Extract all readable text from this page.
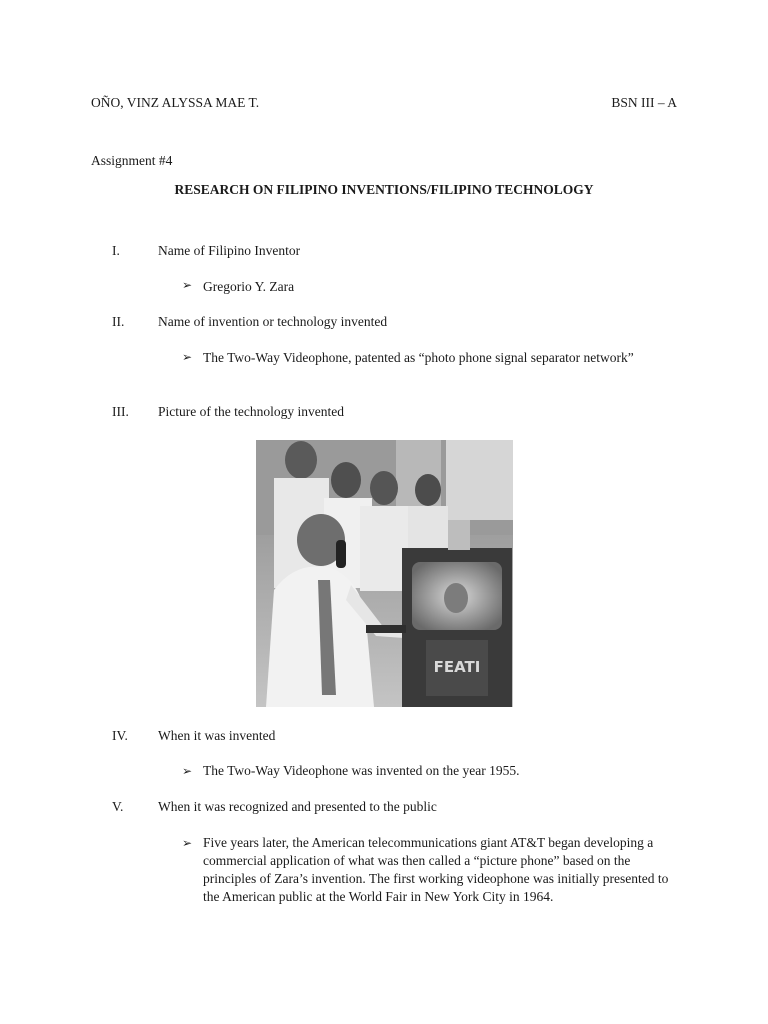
OÑO, VINZ ALYSSA MAE T.	BSN III – A
Assignment #4
RESEARCH ON FILIPINO INVENTIONS/FILIPINO TECHNOLOGY
I.	Name of Filipino Inventor
➢ Gregorio Y. Zara
II. Name of invention or technology invented
➢ The Two-Way Videophone, patented as “photo phone signal separator network”
III. Picture of the technology invented
FEATI
IV. When it was invented
➢ The Two-Way Videophone was invented on the year 1955.
V.	When it was recognized and presented to the public
➢ Five years later, the American telecommunications giant AT&T began developing a commercial application of what was then called a “picture phone” based on the principles of Zara’s invention. The first working videophone was initially presented to the American public at the World Fair in New York City in 1964.
